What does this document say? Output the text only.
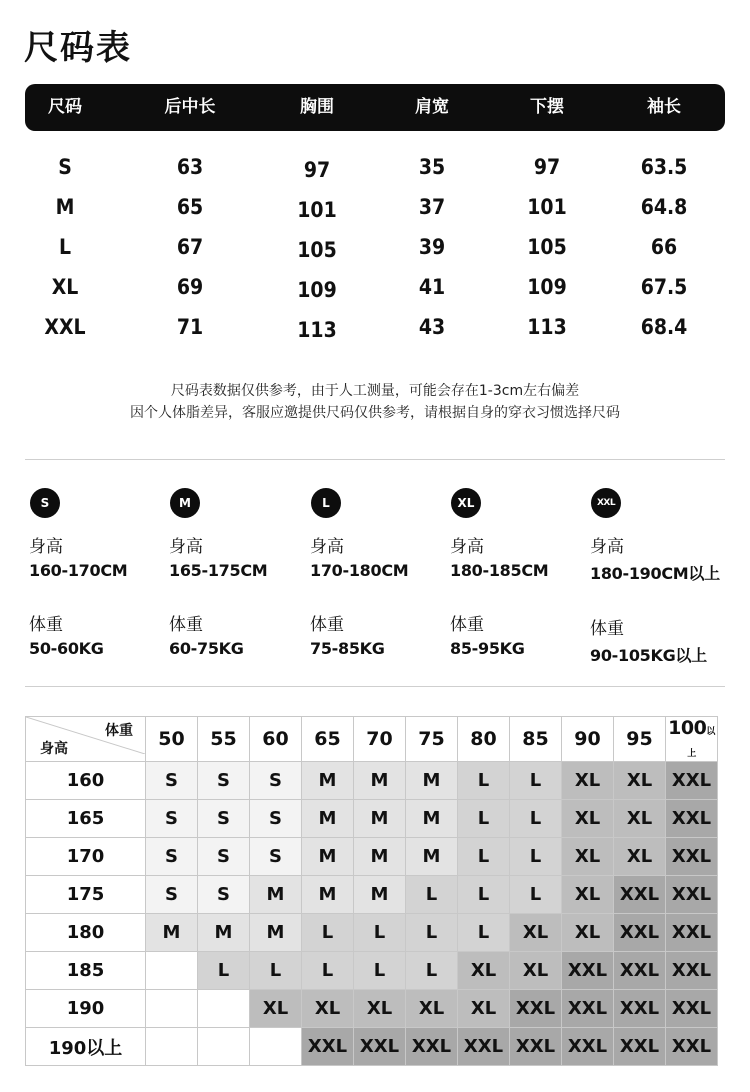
尺码表
尺码	后中长	胸围	肩宽	下摆	袖长
S	63	97	35	97	63.5
M	65	101	37	101	64.8
L	67	105	39	105	66
XL	69	109	41	109	67.5
XXL	71	113	43	113	68.4
尺码表数据仅供参考，由于人工测量，可能会存在1-3cm左右偏差
因个人体脂差异，客服应邀提供尺码仅供参考，请根据自身的穿衣习惯选择尺码
S
身高
160-170CM
体重
50-60KG
M
身高
165-175CM
体重
60-75KG
L
身高
170-180CM
体重
75-85KG
XL
身高
180-185CM
体重
85-95KG
XXL
身高
180-190CM以上
体重
90-105KG以上
体重
身高	50	55	60	65	70	75	80	85	90	95	100以上
160	S	S	S	M	M	M	L	L	XL	XL	XXL
165	S	S	S	M	M	M	L	L	XL	XL	XXL
170	S	S	S	M	M	M	L	L	XL	XL	XXL
175	S	S	M	M	M	L	L	L	XL	XXL	XXL
180	M	M	M	L	L	L	L	XL	XL	XXL	XXL
185		L	L	L	L	L	XL	XL	XXL	XXL	XXL
190			XL	XL	XL	XL	XL	XXL	XXL	XXL	XXL
190以上				XXL	XXL	XXL	XXL	XXL	XXL	XXL	XXL
